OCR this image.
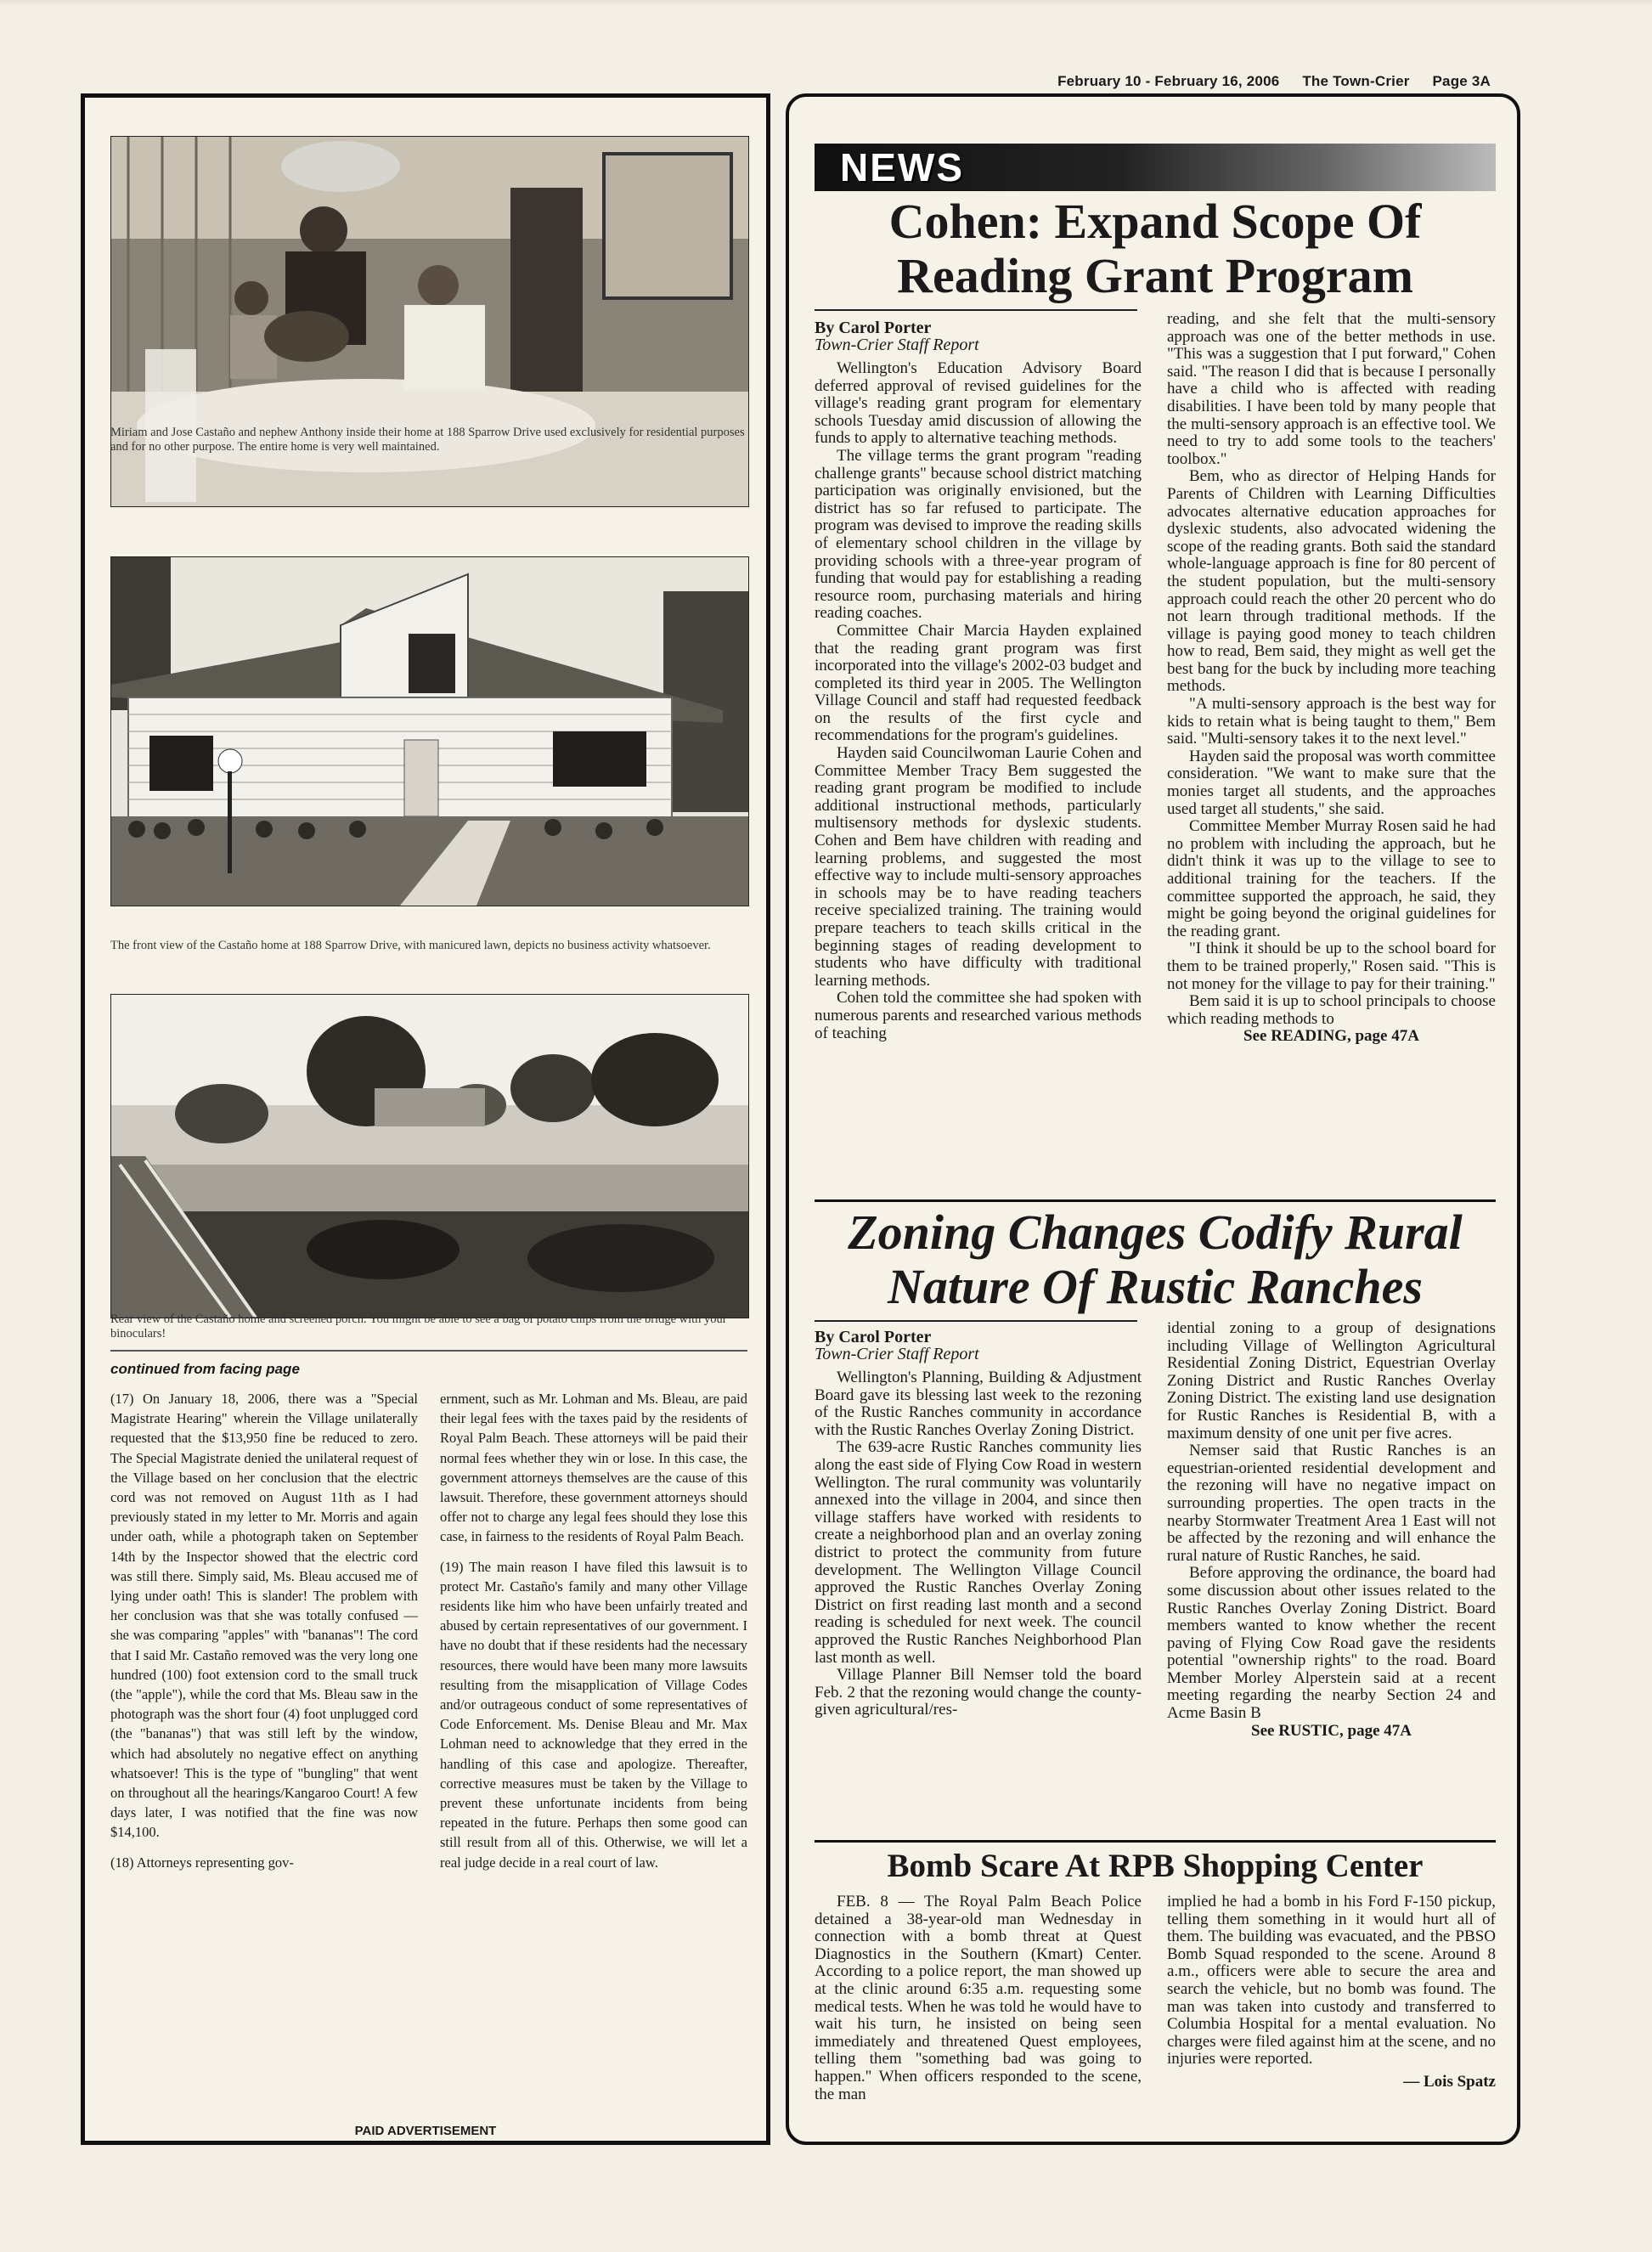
February 10 - February 16, 2006 The Town-Crier Page 3A
Miriam and Jose Castaño and nephew Anthony inside their home at 188 Sparrow Drive used exclusively for residential purposes and for no other purpose. The entire home is very well maintained.
The front view of the Castaño home at 188 Sparrow Drive, with manicured lawn, depicts no business activity whatsoever.
Rear view of the Castaño home and screened porch. You might be able to see a bag of potato chips from the bridge with your binoculars!
continued from facing page

(17) On January 18, 2006, there was a "Special Magistrate Hearing" wherein the Village unilaterally requested that the $13,950 fine be reduced to zero. The Special Magistrate denied the unilateral request of the Village based on her conclusion that the electric cord was not removed on August 11th as I had previously stated in my letter to Mr. Morris and again under oath, while a photograph taken on September 14th by the Inspector showed that the electric cord was still there. Simply said, Ms. Bleau accused me of lying under oath! This is slander! The problem with her conclusion was that she was totally confused — she was comparing "apples" with "bananas"! The cord that I said Mr. Castaño removed was the very long one hundred (100) foot extension cord to the small truck (the "apple"), while the cord that Ms. Bleau saw in the photograph was the short four (4) foot unplugged cord (the "bananas") that was still left by the window, which had absolutely no negative effect on anything whatsoever! This is the type of "bungling" that went on throughout all the hearings/Kangaroo Court! A few days later, I was notified that the fine was now $14,100.

(18) Attorneys representing gov-

ernment, such as Mr. Lohman and Ms. Bleau, are paid their legal fees with the taxes paid by the residents of Royal Palm Beach. These attorneys will be paid their normal fees whether they win or lose. In this case, the government attorneys themselves are the cause of this lawsuit. Therefore, these government attorneys should offer not to charge any legal fees should they lose this case, in fairness to the residents of Royal Palm Beach.

(19) The main reason I have filed this lawsuit is to protect Mr. Castaño's family and many other Village residents like him who have been unfairly treated and abused by certain representatives of our government. I have no doubt that if these residents had the necessary resources, there would have been many more lawsuits resulting from the misapplication of Village Codes and/or outrageous conduct of some representatives of Code Enforcement. Ms. Denise Bleau and Mr. Max Lohman need to acknowledge that they erred in the handling of this case and apologize. Thereafter, corrective measures must be taken by the Village to prevent these unfortunate incidents from being repeated in the future. Perhaps then some good can still result from all of this. Otherwise, we will let a real judge decide in a real court of law.

PAID ADVERTISEMENT
NEWS
Cohen: Expand Scope Of
Reading Grant Program
By Carol Porter
Town-Crier Staff Report

Wellington's Education Advisory Board deferred approval of revised guidelines for the village's reading grant program for elementary schools Tuesday amid discussion of allowing the funds to apply to alternative teaching methods.

The village terms the grant program "reading challenge grants" because school district matching participation was originally envisioned, but the district has so far refused to participate. The program was devised to improve the reading skills of elementary school children in the village by providing schools with a three-year program of funding that would pay for establishing a reading resource room, purchasing materials and hiring reading coaches.

Committee Chair Marcia Hayden explained that the reading grant program was first incorporated into the village's 2002-03 budget and completed its third year in 2005. The Wellington Village Council and staff had requested feedback on the results of the first cycle and recommendations for the program's guidelines.

Hayden said Councilwoman Laurie Cohen and Committee Member Tracy Bem suggested the reading grant program be modified to include additional instructional methods, particularly multisensory methods for dyslexic students. Cohen and Bem have children with reading and learning problems, and suggested the most effective way to include multi-sensory approaches in schools may be to have reading teachers receive specialized training. The training would prepare teachers to teach skills critical in the beginning stages of reading development to students who have difficulty with traditional learning methods.

Cohen told the committee she had spoken with numerous parents and researched various methods of teaching

reading, and she felt that the multi-sensory approach was one of the better methods in use. "This was a suggestion that I put forward," Cohen said. "The reason I did that is because I personally have a child who is affected with reading disabilities. I have been told by many people that the multi-sensory approach is an effective tool. We need to try to add some tools to the teachers' toolbox."

Bem, who as director of Helping Hands for Parents of Children with Learning Difficulties advocates alternative education approaches for dyslexic students, also advocated widening the scope of the reading grants. Both said the standard whole-language approach is fine for 80 percent of the student population, but the multi-sensory approach could reach the other 20 percent who do not learn through traditional methods. If the village is paying good money to teach children how to read, Bem said, they might as well get the best bang for the buck by including more teaching methods.

"A multi-sensory approach is the best way for kids to retain what is being taught to them," Bem said. "Multi-sensory takes it to the next level."

Hayden said the proposal was worth committee consideration. "We want to make sure that the monies target all students, and the approaches used target all students," she said.

Committee Member Murray Rosen said he had no problem with including the approach, but he didn't think it was up to the village to see to additional training for the teachers. If the committee supported the approach, he said, they might be going beyond the original guidelines for the reading grant.

"I think it should be up to the school board for them to be trained properly," Rosen said. "This is not money for the village to pay for their training."

Bem said it is up to school principals to choose which reading methods to

See READING, page 47A

Zoning Changes Codify Rural
Nature Of Rustic Ranches
By Carol Porter
Town-Crier Staff Report

Wellington's Planning, Building & Adjustment Board gave its blessing last week to the rezoning of the Rustic Ranches community in accordance with the Rustic Ranches Overlay Zoning District.

The 639-acre Rustic Ranches community lies along the east side of Flying Cow Road in western Wellington. The rural community was voluntarily annexed into the village in 2004, and since then village staffers have worked with residents to create a neighborhood plan and an overlay zoning district to protect the community from future development. The Wellington Village Council approved the Rustic Ranches Overlay Zoning District on first reading last month and a second reading is scheduled for next week. The council approved the Rustic Ranches Neighborhood Plan last month as well.

Village Planner Bill Nemser told the board Feb. 2 that the rezoning would change the county-given agricultural/res-

idential zoning to a group of designations including Village of Wellington Agricultural Residential Zoning District, Equestrian Overlay Zoning District and Rustic Ranches Overlay Zoning District. The existing land use designation for Rustic Ranches is Residential B, with a maximum density of one unit per five acres.

Nemser said that Rustic Ranches is an equestrian-oriented residential development and the rezoning will have no negative impact on surrounding properties. The open tracts in the nearby Stormwater Treatment Area 1 East will not be affected by the rezoning and will enhance the rural nature of Rustic Ranches, he said.

Before approving the ordinance, the board had some discussion about other issues related to the Rustic Ranches Overlay Zoning District. Board members wanted to know whether the recent paving of Flying Cow Road gave the residents potential "ownership rights" to the road. Board Member Morley Alperstein said at a recent meeting regarding the nearby Section 24 and Acme Basin B

See RUSTIC, page 47A

Bomb Scare At RPB Shopping Center

FEB. 8 — The Royal Palm Beach Police detained a 38-year-old man Wednesday in connection with a bomb threat at Quest Diagnostics in the Southern (Kmart) Center. According to a police report, the man showed up at the clinic around 6:35 a.m. requesting some medical tests. When he was told he would have to wait his turn, he insisted on being seen immediately and threatened Quest employees, telling them "something bad was going to happen." When officers responded to the scene, the man

implied he had a bomb in his Ford F-150 pickup, telling them something in it would hurt all of them. The building was evacuated, and the PBSO Bomb Squad responded to the scene. Around 8 a.m., officers were able to secure the area and search the vehicle, but no bomb was found. The man was taken into custody and transferred to Columbia Hospital for a mental evaluation. No charges were filed against him at the scene, and no injuries were reported.

— Lois Spatz
